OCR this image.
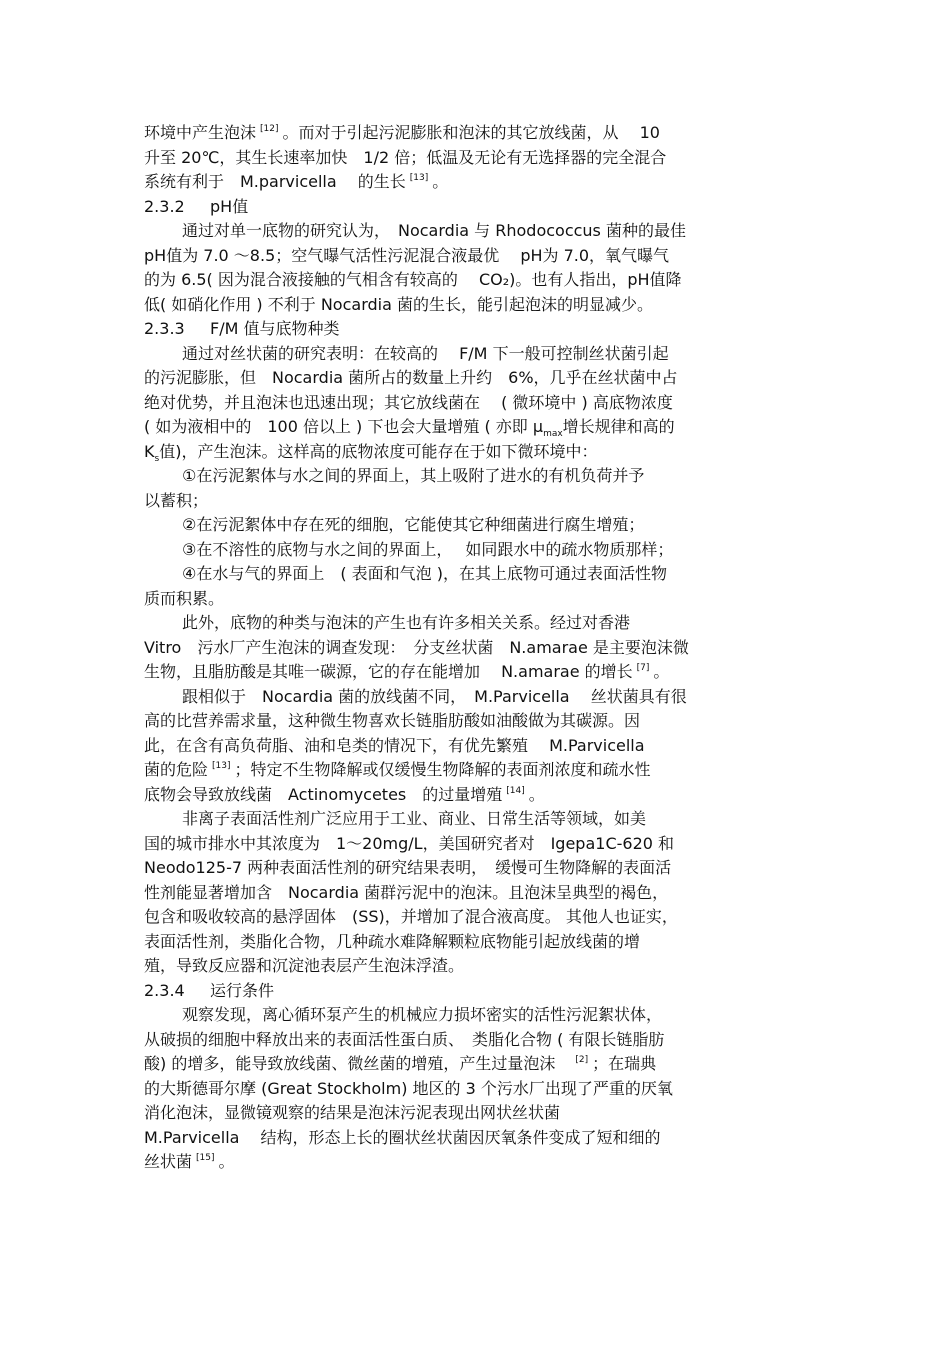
环境中产生泡沫 [12] 。而对于引起污泥膨胀和泡沫的其它放线菌，从　 10
升至 20℃，其生长速率加快　1/2 倍；低温及无论有无选择器的完全混合
系统有利于　M.parvicella　 的生长 [13] 。
2.3.2 pH值
通过对单一底物的研究认为，　Nocardia 与 Rhodococcus 菌种的最佳
pH值为 7.0 ～8.5；空气曝气活性污泥混合液最优　 pH为 7.0，氧气曝气
的为 6.5( 因为混合液接触的气相含有较高的　 CO₂)。也有人指出，pH值降
低( 如硝化作用 ) 不利于 Nocardia 菌的生长，能引起泡沫的明显减少。
2.3.3 F/M 值与底物种类
通过对丝状菌的研究表明：在较高的　 F/M 下一般可控制丝状菌引起
的污泥膨胀，但　Nocardia 菌所占的数量上升约　6%，几乎在丝状菌中占
绝对优势，并且泡沫也迅速出现；其它放线菌在　 ( 微环境中 ) 高底物浓度
( 如为液相中的　100 倍以上 ) 下也会大量增殖 ( 亦即 $\mu_{max}$增长规律和高的
$K_s$值)，产生泡沫。这样高的底物浓度可能存在于如下微环境中：
①在污泥絮体与水之间的界面上，其上吸附了进水的有机负荷并予
以蓄积；
②在污泥絮体中存在死的细胞，它能使其它种细菌进行腐生增殖；
③在不溶性的底物与水之间的界面上，　 如同跟水中的疏水物质那样；
④在水与气的界面上　( 表面和气泡 )，在其上底物可通过表面活性物
质而积累。
此外，底物的种类与泡沫的产生也有许多相关关系。经过对香港
Vitro　污水厂产生泡沫的调查发现：　分支丝状菌　N.amarae 是主要泡沫微
生物，且脂肪酸是其唯一碳源，它的存在能增加　 N.amarae 的增长 [7] 。
跟相似于　Nocardia 菌的放线菌不同，　M.Parvicella　 丝状菌具有很
高的比营养需求量，这种微生物喜欢长链脂肪酸如油酸做为其碳源。因
此，在含有高负荷脂、油和皂类的情况下，有优先繁殖　 M.Parvicella
菌的危险 [13] ；特定不生物降解或仅缓慢生物降解的表面剂浓度和疏水性
底物会导致放线菌　Actinomycetes　的过量增殖 [14] 。
非离子表面活性剂广泛应用于工业、商业、日常生活等领域，如美
国的城市排水中其浓度为　1～20mg/L，美国研究者对　Igepa1C-620 和
Neodo125-7 两种表面活性剂的研究结果表明，　缓慢可生物降解的表面活
性剂能显著增加含　Nocardia 菌群污泥中的泡沫。且泡沫呈典型的褐色，
包含和吸收较高的悬浮固体　(SS)，并增加了混合液高度。 其他人也证实，
表面活性剂，类脂化合物，几种疏水难降解颗粒底物能引起放线菌的增
殖，导致反应器和沉淀池表层产生泡沫浮渣。
2.3.4 运行条件
观察发现，离心循环泵产生的机械应力损坏密实的活性污泥絮状体，
从破损的细胞中释放出来的表面活性蛋白质、　类脂化合物 ( 有限长链脂肪
酸) 的增多，能导致放线菌、微丝菌的增殖，产生过量泡沫　[2] ；在瑞典
的大斯德哥尔摩 (Great Stockholm) 地区的 3 个污水厂出现了严重的厌氧
消化泡沫，显微镜观察的结果是泡沫污泥表现出网状丝状菌
M.Parvicella　 结构，形态上长的圈状丝状菌因厌氧条件变成了短和细的
丝状菌 [15] 。
